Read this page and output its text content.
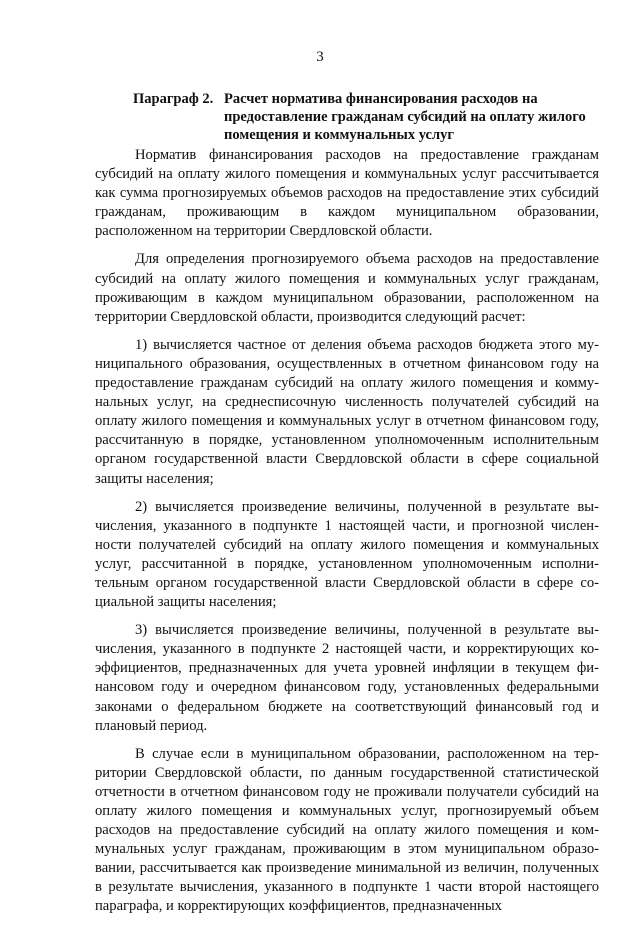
3
Параграф 2. Расчет норматива финансирования расходов на предоставление гражданам субсидий на оплату жилого помещения и коммунальных услуг

Норматив финансирования расходов на предоставление гражданам субсидий на оплату жилого помещения и коммунальных услуг рассчитывается как сумма прогнозируемых объемов расходов на предоставление этих субсидий гражданам, проживающим в каждом муниципальном образовании, расположенном на территории Свердловской области.

Для определения прогнозируемого объема расходов на предоставление субсидий на оплату жилого помещения и коммунальных услуг гражданам, проживающим в каждом муниципальном образовании, расположенном на территории Свердловской области, производится следующий расчет:

1) вычисляется частное от деления объема расходов бюджета этого муниципального образования, осуществленных в отчетном финансовом году на предоставление гражданам субсидий на оплату жилого помещения и коммунальных услуг, на среднесписочную численность получателей субсидий на оплату жилого помещения и коммунальных услуг в отчетном финансовом году, рассчитанную в порядке, установленном уполномоченным исполнительным органом государственной власти Свердловской области в сфере социальной защиты населения;

2) вычисляется произведение величины, полученной в результате вычисления, указанного в подпункте 1 настоящей части, и прогнозной численности получателей субсидий на оплату жилого помещения и коммунальных услуг, рассчитанной в порядке, установленном уполномоченным исполнительным органом государственной власти Свердловской области в сфере социальной защиты населения;

3) вычисляется произведение величины, полученной в результате вычисления, указанного в подпункте 2 настоящей части, и корректирующих коэффициентов, предназначенных для учета уровней инфляции в текущем финансовом году и очередном финансовом году, установленных федеральными законами о федеральном бюджете на соответствующий финансовый год и плановый период.

В случае если в муниципальном образовании, расположенном на территории Свердловской области, по данным государственной статистической отчетности в отчетном финансовом году не проживали получатели субсидий на оплату жилого помещения и коммунальных услуг, прогнозируемый объем расходов на предоставление субсидий на оплату жилого помещения и коммунальных услуг гражданам, проживающим в этом муниципальном образовании, рассчитывается как произведение минимальной из величин, полученных в результате вычисления, указанного в подпункте 1 части второй настоящего параграфа, и корректирующих коэффициентов, предназначенных
